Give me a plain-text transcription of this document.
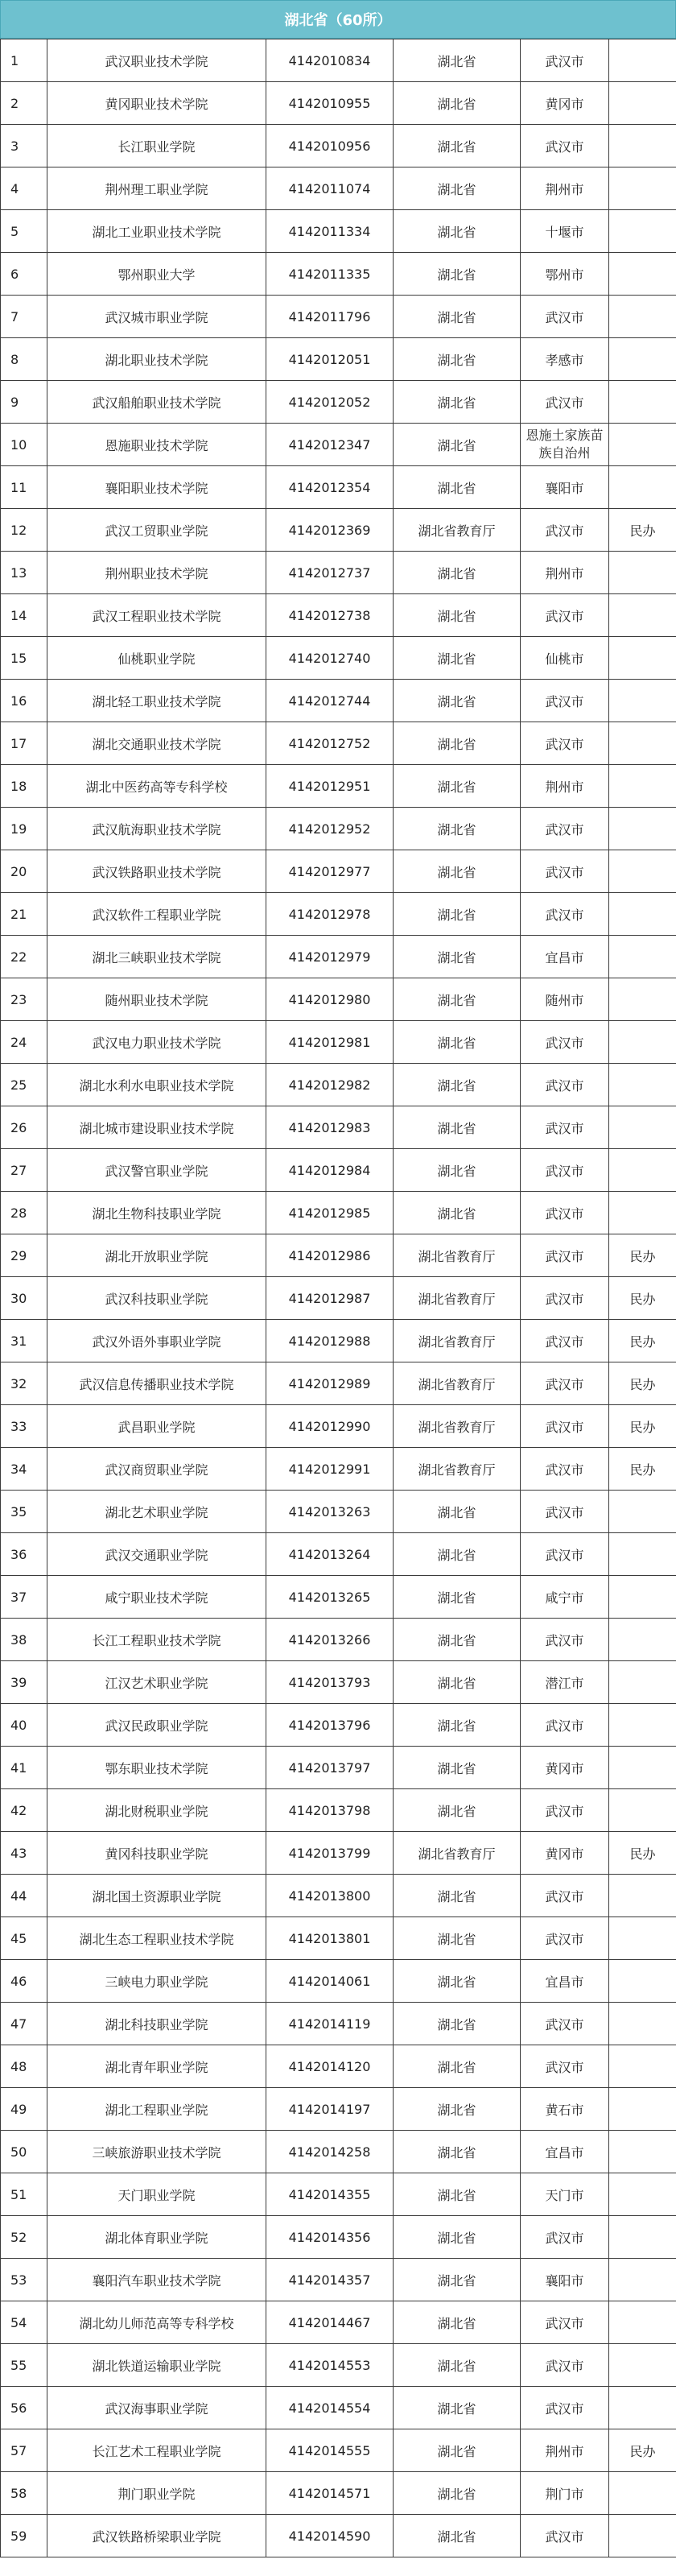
湖北省（60所）
1	武汉职业技术学院	4142010834	湖北省	武汉市	
2	黄冈职业技术学院	4142010955	湖北省	黄冈市	
3	长江职业学院	4142010956	湖北省	武汉市	
4	荆州理工职业学院	4142011074	湖北省	荆州市	
5	湖北工业职业技术学院	4142011334	湖北省	十堰市	
6	鄂州职业大学	4142011335	湖北省	鄂州市	
7	武汉城市职业学院	4142011796	湖北省	武汉市	
8	湖北职业技术学院	4142012051	湖北省	孝感市	
9	武汉船舶职业技术学院	4142012052	湖北省	武汉市	
10	恩施职业技术学院	4142012347	湖北省	恩施土家族苗族自治州	
11	襄阳职业技术学院	4142012354	湖北省	襄阳市	
12	武汉工贸职业学院	4142012369	湖北省教育厅	武汉市	民办
13	荆州职业技术学院	4142012737	湖北省	荆州市	
14	武汉工程职业技术学院	4142012738	湖北省	武汉市	
15	仙桃职业学院	4142012740	湖北省	仙桃市	
16	湖北轻工职业技术学院	4142012744	湖北省	武汉市	
17	湖北交通职业技术学院	4142012752	湖北省	武汉市	
18	湖北中医药高等专科学校	4142012951	湖北省	荆州市	
19	武汉航海职业技术学院	4142012952	湖北省	武汉市	
20	武汉铁路职业技术学院	4142012977	湖北省	武汉市	
21	武汉软件工程职业学院	4142012978	湖北省	武汉市	
22	湖北三峡职业技术学院	4142012979	湖北省	宜昌市	
23	随州职业技术学院	4142012980	湖北省	随州市	
24	武汉电力职业技术学院	4142012981	湖北省	武汉市	
25	湖北水利水电职业技术学院	4142012982	湖北省	武汉市	
26	湖北城市建设职业技术学院	4142012983	湖北省	武汉市	
27	武汉警官职业学院	4142012984	湖北省	武汉市	
28	湖北生物科技职业学院	4142012985	湖北省	武汉市	
29	湖北开放职业学院	4142012986	湖北省教育厅	武汉市	民办
30	武汉科技职业学院	4142012987	湖北省教育厅	武汉市	民办
31	武汉外语外事职业学院	4142012988	湖北省教育厅	武汉市	民办
32	武汉信息传播职业技术学院	4142012989	湖北省教育厅	武汉市	民办
33	武昌职业学院	4142012990	湖北省教育厅	武汉市	民办
34	武汉商贸职业学院	4142012991	湖北省教育厅	武汉市	民办
35	湖北艺术职业学院	4142013263	湖北省	武汉市	
36	武汉交通职业学院	4142013264	湖北省	武汉市	
37	咸宁职业技术学院	4142013265	湖北省	咸宁市	
38	长江工程职业技术学院	4142013266	湖北省	武汉市	
39	江汉艺术职业学院	4142013793	湖北省	潜江市	
40	武汉民政职业学院	4142013796	湖北省	武汉市	
41	鄂东职业技术学院	4142013797	湖北省	黄冈市	
42	湖北财税职业学院	4142013798	湖北省	武汉市	
43	黄冈科技职业学院	4142013799	湖北省教育厅	黄冈市	民办
44	湖北国土资源职业学院	4142013800	湖北省	武汉市	
45	湖北生态工程职业技术学院	4142013801	湖北省	武汉市	
46	三峡电力职业学院	4142014061	湖北省	宜昌市	
47	湖北科技职业学院	4142014119	湖北省	武汉市	
48	湖北青年职业学院	4142014120	湖北省	武汉市	
49	湖北工程职业学院	4142014197	湖北省	黄石市	
50	三峡旅游职业技术学院	4142014258	湖北省	宜昌市	
51	天门职业学院	4142014355	湖北省	天门市	
52	湖北体育职业学院	4142014356	湖北省	武汉市	
53	襄阳汽车职业技术学院	4142014357	湖北省	襄阳市	
54	湖北幼儿师范高等专科学校	4142014467	湖北省	武汉市	
55	湖北铁道运输职业学院	4142014553	湖北省	武汉市	
56	武汉海事职业学院	4142014554	湖北省	武汉市	
57	长江艺术工程职业学院	4142014555	湖北省	荆州市	民办
58	荆门职业学院	4142014571	湖北省	荆门市	
59	武汉铁路桥梁职业学院	4142014590	湖北省	武汉市	
